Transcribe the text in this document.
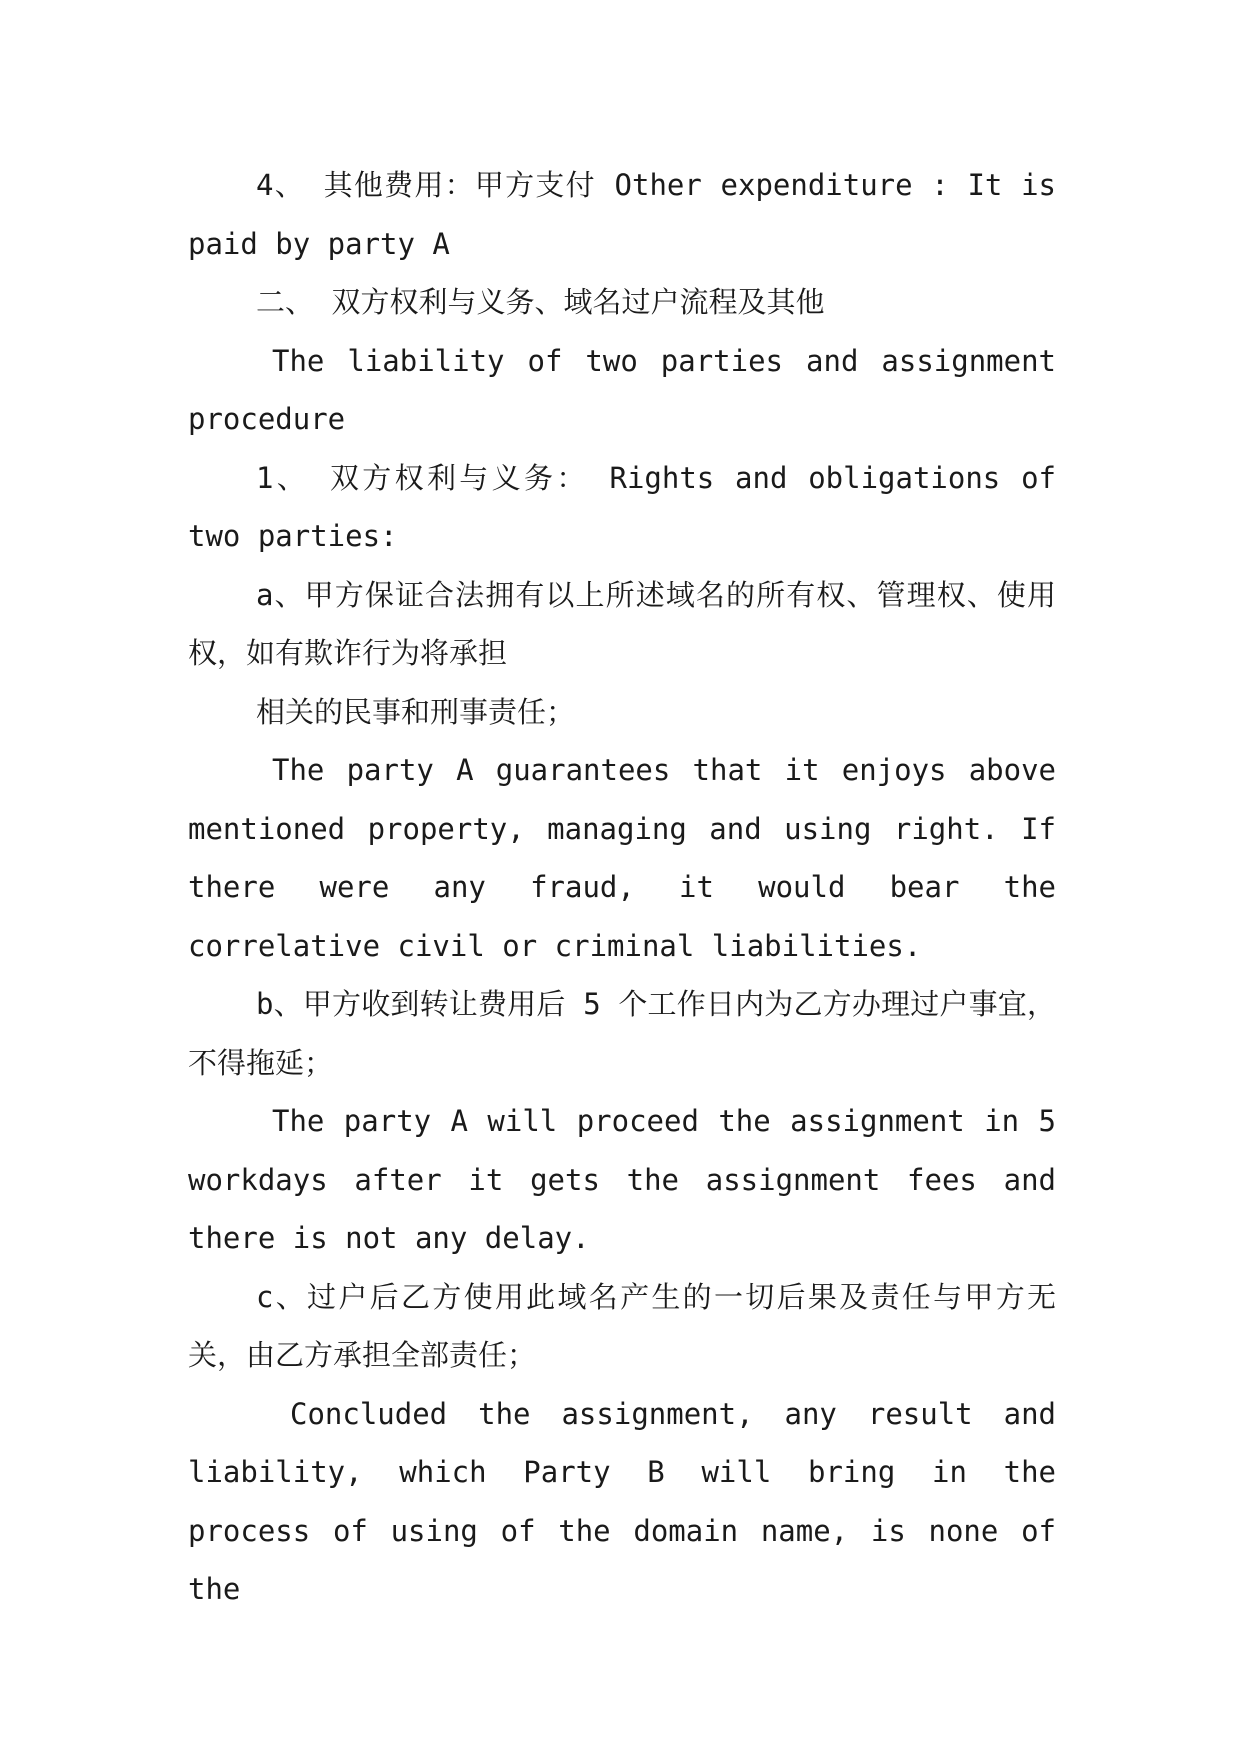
4、 其他费用：甲方支付 Other expenditure : It is paid by party A

二、 双方权利与义务、域名过户流程及其他

The liability of two parties and assignment procedure

1、 双方权利与义务： Rights and obligations of two parties:

a、甲方保证合法拥有以上所述域名的所有权、管理权、使用权，如有欺诈行为将承担

相关的民事和刑事责任；

The party A guarantees that it enjoys above mentioned property, managing and using right. If there were any fraud, it would bear the correlative civil or criminal liabilities.

b、甲方收到转让费用后 5 个工作日内为乙方办理过户事宜，不得拖延；

The party A will proceed the assignment in 5 workdays after it gets the assignment fees and there is not any delay.

c、过户后乙方使用此域名产生的一切后果及责任与甲方无关，由乙方承担全部责任；

Concluded the assignment, any result and liability, which Party B will bring in the process of using of the domain name, is none of the
